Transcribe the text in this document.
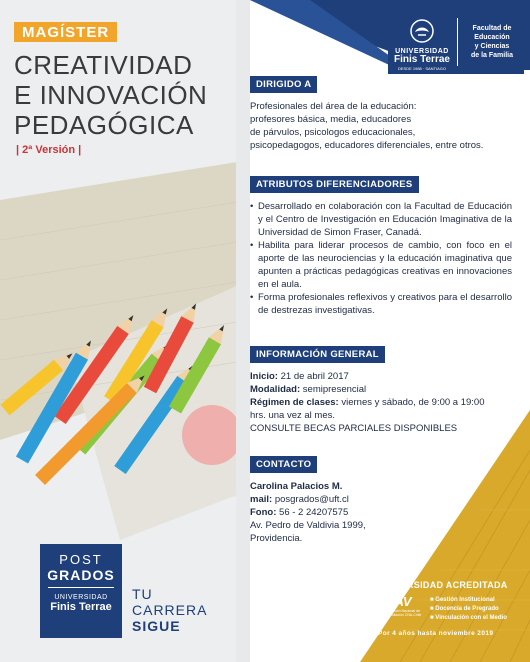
MAGÍSTER
CREATIVIDAD
E INNOVACIÓN
PEDAGÓGICA
| 2ª Versión |
POST
GRADOS
UNIVERSIDAD
Finis Terrae
TU
CARRERA
SIGUE
UNIVERSIDAD
Finis Terrae
DESDE 1988 · SANTIAGO
Facultad de
Educación
y Ciencias
de la Familia
UNIVERSIDAD ACREDITADA
AV
Comisión Nacional de Acreditación CNA-Chile
■ Gestión Institucional
■ Docencia de Pregrado
■ Vinculación con el Medio
Por 4 años hasta noviembre 2019
DIRIGIDO A
Profesionales del área de la educación:
profesores básica, media, educadores
de párvulos, psicologos educacionales,
psicopedagogos, educadores diferenciales, entre otros.
ATRIBUTOS DIFERENCIADORES
• Desarrollado en colaboración con la Facultad de Educación y el Centro de Investigación en Educación Imaginativa de la Universidad de Simon Fraser, Canadá.
• Habilita para liderar procesos de cambio, con foco en el aporte de las neurociencias y la educación imaginativa que apunten a prácticas pedagógicas creativas en innovaciones en el aula.
• Forma profesionales reflexivos y creativos para el desarrollo de destrezas investigativas.
INFORMACIÓN GENERAL
Inicio: 21 de abril 2017
Modalidad: semipresencial
Régimen de clases: viernes y sábado, de 9:00 a 19:00
hrs. una vez al mes.
CONSULTE BECAS PARCIALES DISPONIBLES
CONTACTO
Carolina Palacios M.
mail: posgrados@uft.cl
Fono: 56 - 2 24207575
Av. Pedro de Valdivia 1999,
Providencia.
